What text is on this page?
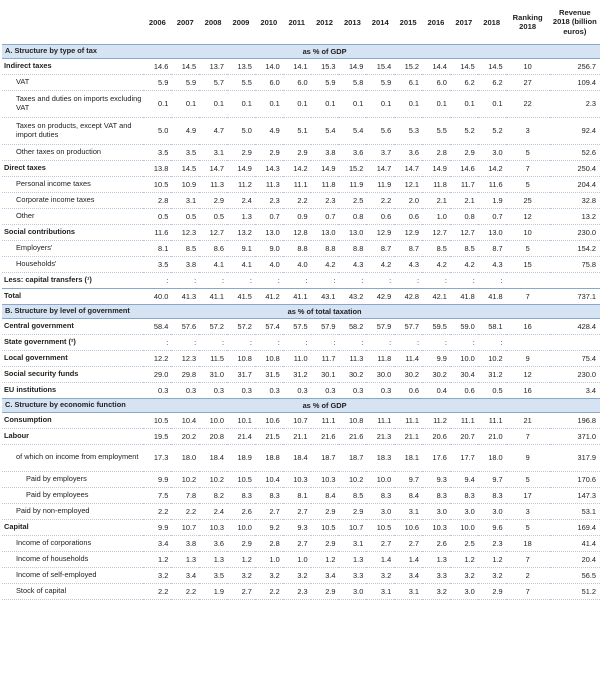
	2006	2007	2008	2009	2010	2011	2012	2013	2014	2015	2016	2017	2018	Ranking 2018	Revenue 2018 (billion euros)
A. Structure by type of tax	as % of GDP														
Indirect taxes	14.6	14.5	13.7	13.5	14.0	14.1	15.3	14.9	15.4	15.2	14.4	14.5	14.5	10	256.7
VAT	5.9	5.9	5.7	5.5	6.0	6.0	5.9	5.8	5.9	6.1	6.0	6.2	6.2	27	109.4
Taxes and duties on imports excluding VAT	0.1	0.1	0.1	0.1	0.1	0.1	0.1	0.1	0.1	0.1	0.1	0.1	0.1	22	2.3
Taxes on products, except VAT and import duties	5.0	4.9	4.7	5.0	4.9	5.1	5.4	5.4	5.6	5.3	5.5	5.2	5.2	3	92.4
Other taxes on production	3.5	3.5	3.1	2.9	2.9	2.9	3.8	3.6	3.7	3.6	2.8	2.9	3.0	5	52.6
Direct taxes	13.8	14.5	14.7	14.9	14.3	14.2	14.9	15.2	14.7	14.7	14.9	14.6	14.2	7	250.4
Personal income taxes	10.5	10.9	11.3	11.2	11.3	11.1	11.8	11.9	11.9	12.1	11.8	11.7	11.6	5	204.4
Corporate income taxes	2.8	3.1	2.9	2.4	2.3	2.2	2.3	2.5	2.2	2.0	2.1	2.1	1.9	25	32.8
Other	0.5	0.5	0.5	1.3	0.7	0.9	0.7	0.8	0.6	0.6	1.0	0.8	0.7	12	13.2
Social contributions	11.6	12.3	12.7	13.2	13.0	12.8	13.0	13.0	12.9	12.9	12.7	12.7	13.0	10	230.0
Employers'	8.1	8.5	8.6	9.1	9.0	8.8	8.8	8.8	8.7	8.7	8.5	8.5	8.7	5	154.2
Households'	3.5	3.8	4.1	4.1	4.0	4.0	4.2	4.3	4.2	4.3	4.2	4.2	4.3	15	75.8
Less: capital transfers (¹)	:	:	:	:	:	:	:	:	:	:	:	:	:		
Total	40.0	41.3	41.1	41.5	41.2	41.1	43.1	43.2	42.9	42.8	42.1	41.8	41.8	7	737.1
B. Structure by level of government	as % of total taxation														
Central government	58.4	57.6	57.2	57.2	57.4	57.5	57.9	58.2	57.9	57.7	59.5	59.0	58.1	16	428.4
State government (²)	:	:	:	:	:	:	:	:	:	:	:	:	:		
Local government	12.2	12.3	11.5	10.8	10.8	11.0	11.7	11.3	11.8	11.4	9.9	10.0	10.2	9	75.4
Social security funds	29.0	29.8	31.0	31.7	31.5	31.2	30.1	30.2	30.0	30.2	30.2	30.4	31.2	12	230.0
EU institutions	0.3	0.3	0.3	0.3	0.3	0.3	0.3	0.3	0.3	0.6	0.4	0.6	0.5	16	3.4
C. Structure by economic function	as % of GDP														
Consumption	10.5	10.4	10.0	10.1	10.6	10.7	11.1	10.8	11.1	11.1	11.2	11.1	11.1	21	196.8
Labour	19.5	20.2	20.8	21.4	21.5	21.1	21.6	21.6	21.3	21.1	20.6	20.7	21.0	7	371.0
of which on income from employment	17.3	18.0	18.4	18.9	18.8	18.4	18.7	18.7	18.3	18.1	17.6	17.7	18.0	9	317.9
Paid by employers	9.9	10.2	10.2	10.5	10.4	10.3	10.3	10.2	10.0	9.7	9.3	9.4	9.7	5	170.6
Paid by employees	7.5	7.8	8.2	8.3	8.3	8.1	8.4	8.5	8.3	8.4	8.3	8.3	8.3	17	147.3
Paid by non-employed	2.2	2.2	2.4	2.6	2.7	2.7	2.9	2.9	3.0	3.1	3.0	3.0	3.0	3	53.1
Capital	9.9	10.7	10.3	10.0	9.2	9.3	10.5	10.7	10.5	10.6	10.3	10.0	9.6	5	169.4
Income of corporations	3.4	3.8	3.6	2.9	2.8	2.7	2.9	3.1	2.7	2.7	2.6	2.5	2.3	18	41.4
Income of households	1.2	1.3	1.3	1.2	1.0	1.0	1.2	1.3	1.4	1.4	1.3	1.2	1.2	7	20.4
Income of self-employed	3.2	3.4	3.5	3.2	3.2	3.2	3.4	3.3	3.2	3.4	3.3	3.2	3.2	2	56.5
Stock of capital	2.2	2.2	1.9	2.7	2.2	2.3	2.9	3.0	3.1	3.1	3.2	3.0	2.9	7	51.2
